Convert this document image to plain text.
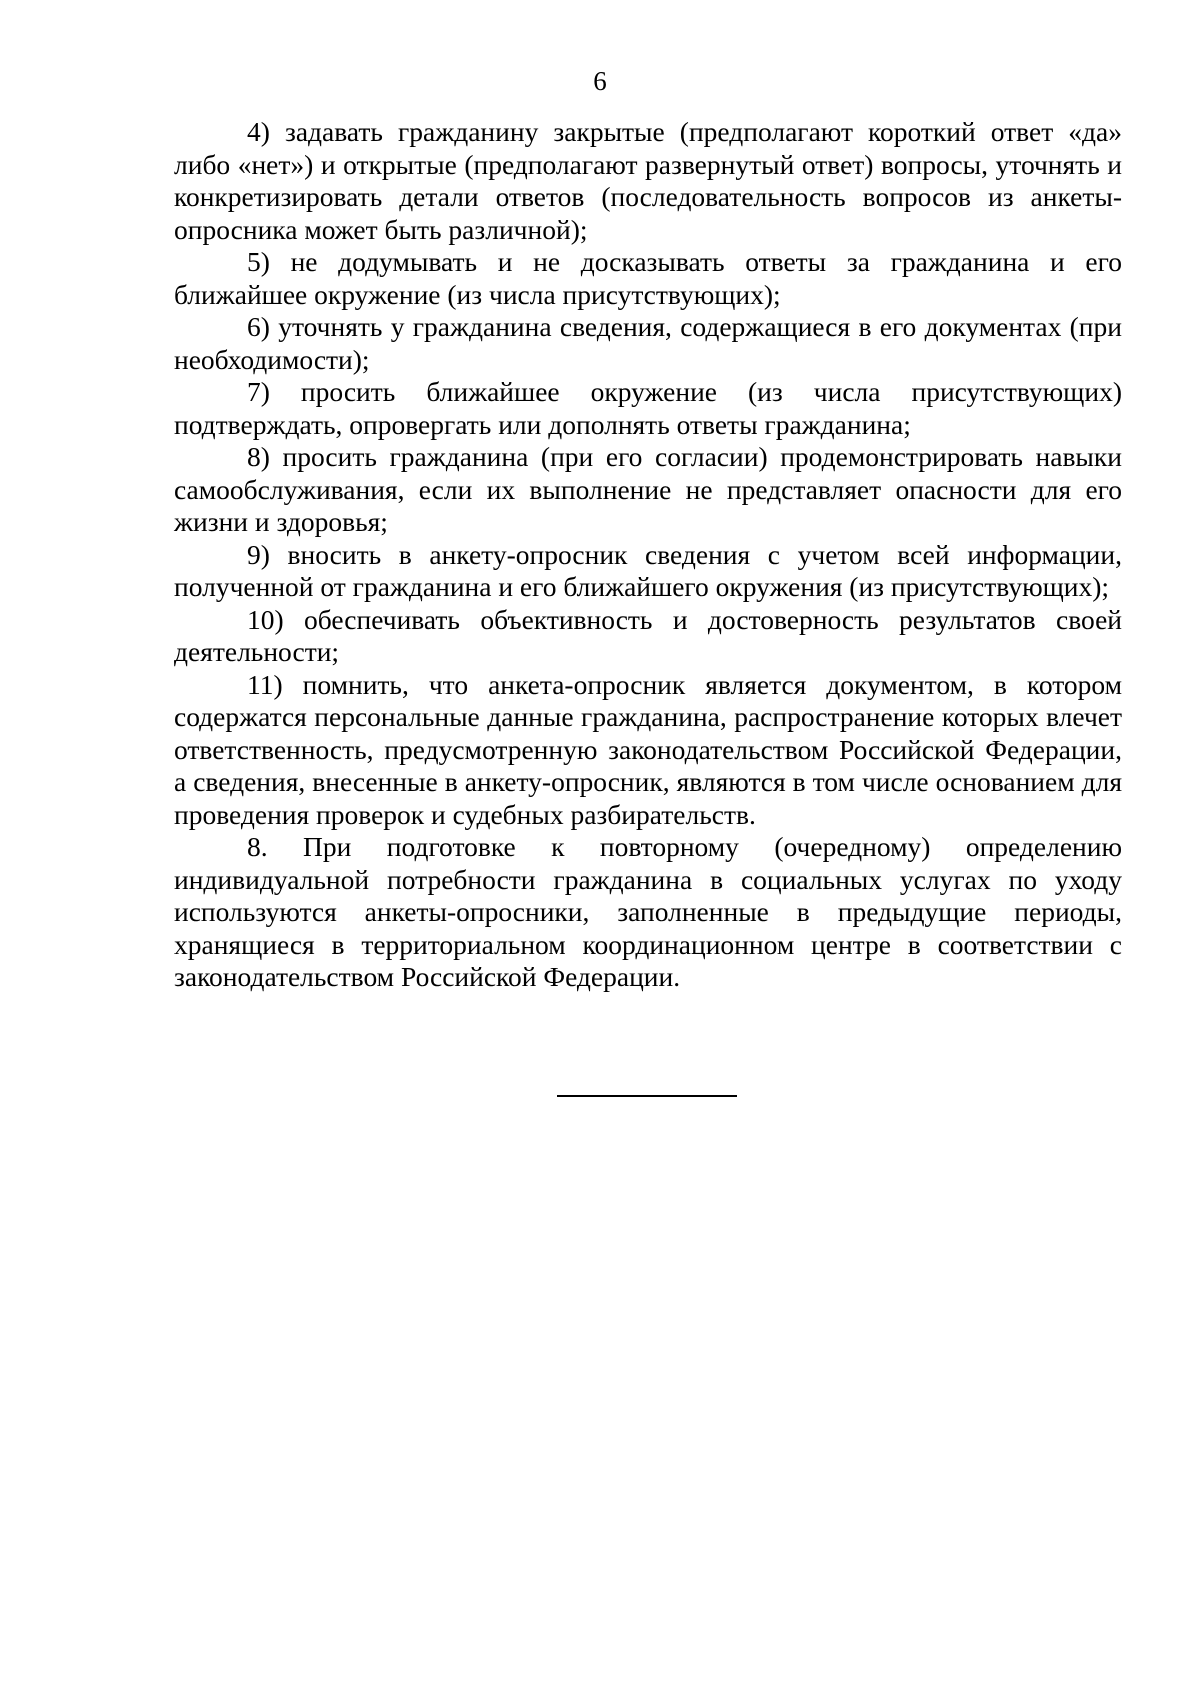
6

4) задавать гражданину закрытые (предполагают короткий ответ «да» либо «нет») и открытые (предполагают развернутый ответ) вопросы, уточнять и конкретизировать детали ответов (последовательность вопросов из анкеты-опросника может быть различной);

5) не додумывать и не досказывать ответы за гражданина и его ближайшее окружение (из числа присутствующих);

6) уточнять у гражданина сведения, содержащиеся в его документах (при необходимости);

7) просить ближайшее окружение (из числа присутствующих) подтверждать, опровергать или дополнять ответы гражданина;

8) просить гражданина (при его согласии) продемонстрировать навыки самообслуживания, если их выполнение не представляет опасности для его жизни и здоровья;

9) вносить в анкету-опросник сведения с учетом всей информации, полученной от гражданина и его ближайшего окружения (из присутствующих);

10) обеспечивать объективность и достоверность результатов своей деятельности;

11) помнить, что анкета-опросник является документом, в котором содержатся персональные данные гражданина, распространение которых влечет ответственность, предусмотренную законодательством Российской Федерации, а сведения, внесенные в анкету-опросник, являются в том числе основанием для проведения проверок и судебных разбирательств.

8. При подготовке к повторному (очередному) определению индивидуальной потребности гражданина в социальных услугах по уходу используются анкеты-опросники, заполненные в предыдущие периоды, хранящиеся в территориальном координационном центре в соответствии с законодательством Российской Федерации.
